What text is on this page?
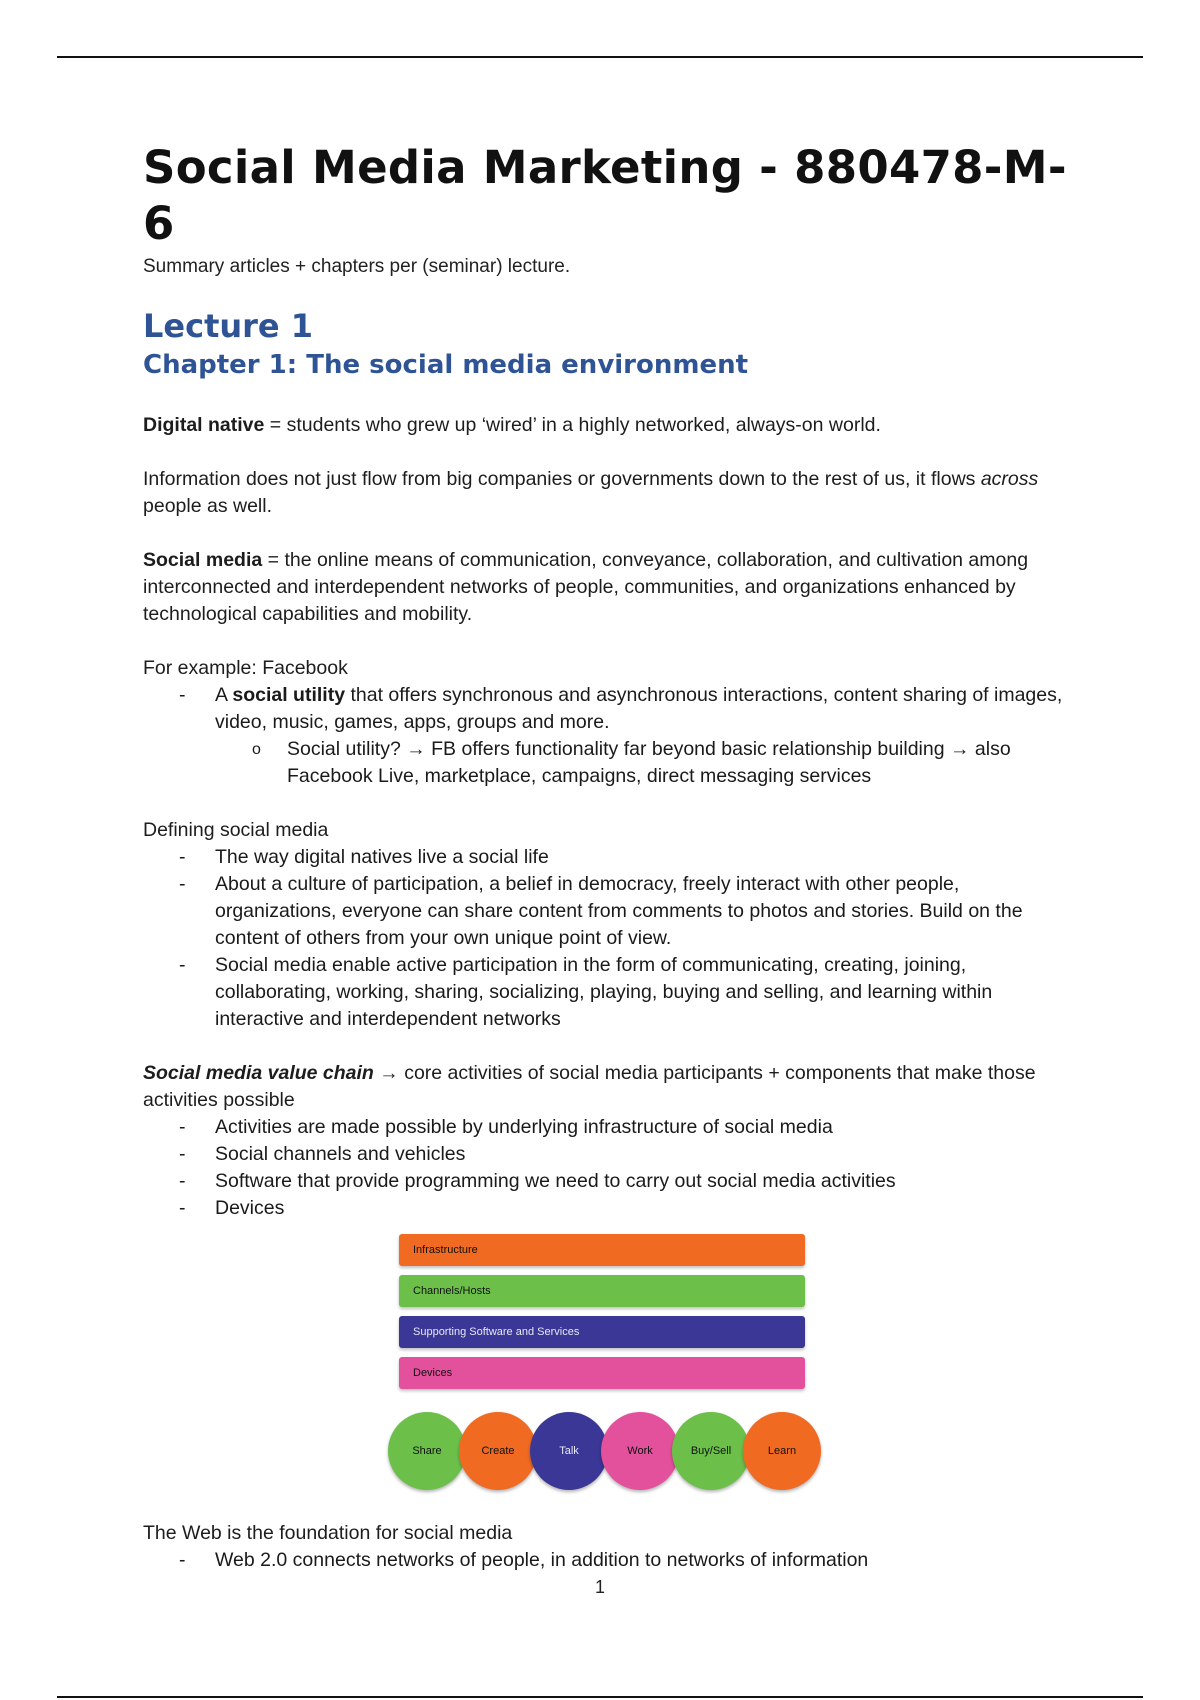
Social Media Marketing - 880478-M-6

Summary articles + chapters per (seminar) lecture.

Lecture 1
Chapter 1: The social media environment

Digital native = students who grew up ‘wired’ in a highly networked, always-on world.

Information does not just flow from big companies or governments down to the rest of us, it flows across people as well.

Social media = the online means of communication, conveyance, collaboration, and cultivation among interconnected and interdependent networks of people, communities, and organizations enhanced by technological capabilities and mobility.

For example: Facebook

- A social utility that offers synchronous and asynchronous interactions, content sharing of images, video, music, games, apps, groups and more.
o Social utility? → FB offers functionality far beyond basic relationship building → also Facebook Live, marketplace, campaigns, direct messaging services

Defining social media

- The way digital natives live a social life
- About a culture of participation, a belief in democracy, freely interact with other people, organizations, everyone can share content from comments to photos and stories. Build on the content of others from your own unique point of view.
- Social media enable active participation in the form of communicating, creating, joining, collaborating, working, sharing, socializing, playing, buying and selling, and learning within interactive and interdependent networks

Social media value chain → core activities of social media participants + components that make those activities possible

- Activities are made possible by underlying infrastructure of social media
- Social channels and vehicles
- Software that provide programming we need to carry out social media activities
- Devices
Infrastructure
Channels/Hosts
Supporting Software and Services
Devices
Share	Create	Talk	Work	Buy/Sell	Learn

The Web is the foundation for social media

- Web 2.0 connects networks of people, in addition to networks of information
1
